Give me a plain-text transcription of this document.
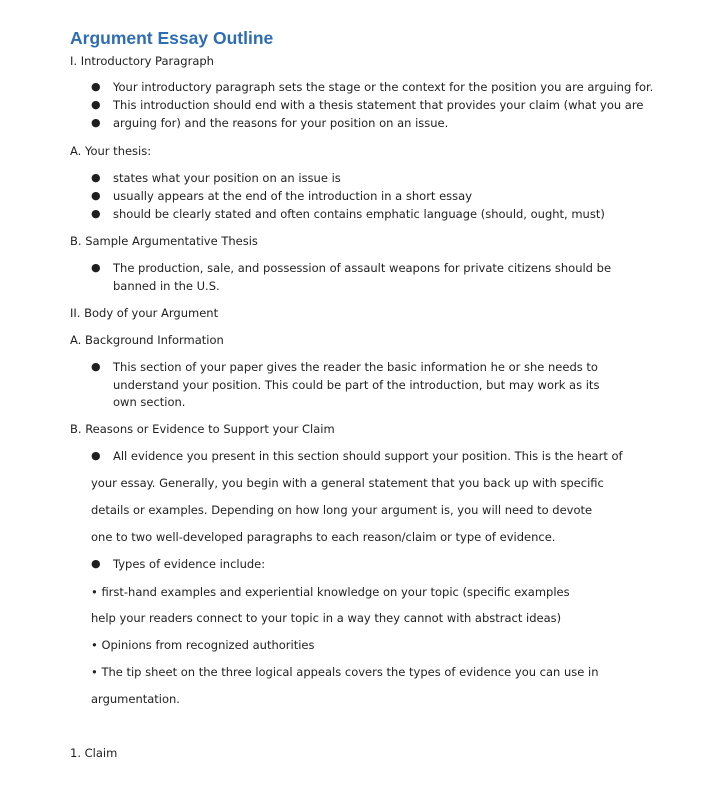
Argument Essay Outline

I. Introductory Paragraph

● Your introductory paragraph sets the stage or the context for the position you are arguing for.

● This introduction should end with a thesis statement that provides your claim (what you are

● arguing for) and the reasons for your position on an issue.

A. Your thesis:

● states what your position on an issue is

● usually appears at the end of the introduction in a short essay

● should be clearly stated and often contains emphatic language (should, ought, must)

B. Sample Argumentative Thesis

● The production, sale, and possession of assault weapons for private citizens should be

banned in the U.S.

II. Body of your Argument

A. Background Information

● This section of your paper gives the reader the basic information he or she needs to

understand your position. This could be part of the introduction, but may work as its

own section.

B. Reasons or Evidence to Support your Claim

● All evidence you present in this section should support your position. This is the heart of

your essay. Generally, you begin with a general statement that you back up with specific

details or examples. Depending on how long your argument is, you will need to devote

one to two well-developed paragraphs to each reason/claim or type of evidence.

● Types of evidence include:

• first-hand examples and experiential knowledge on your topic (specific examples

help your readers connect to your topic in a way they cannot with abstract ideas)

• Opinions from recognized authorities

• The tip sheet on the three logical appeals covers the types of evidence you can use in

argumentation.

1. Claim
